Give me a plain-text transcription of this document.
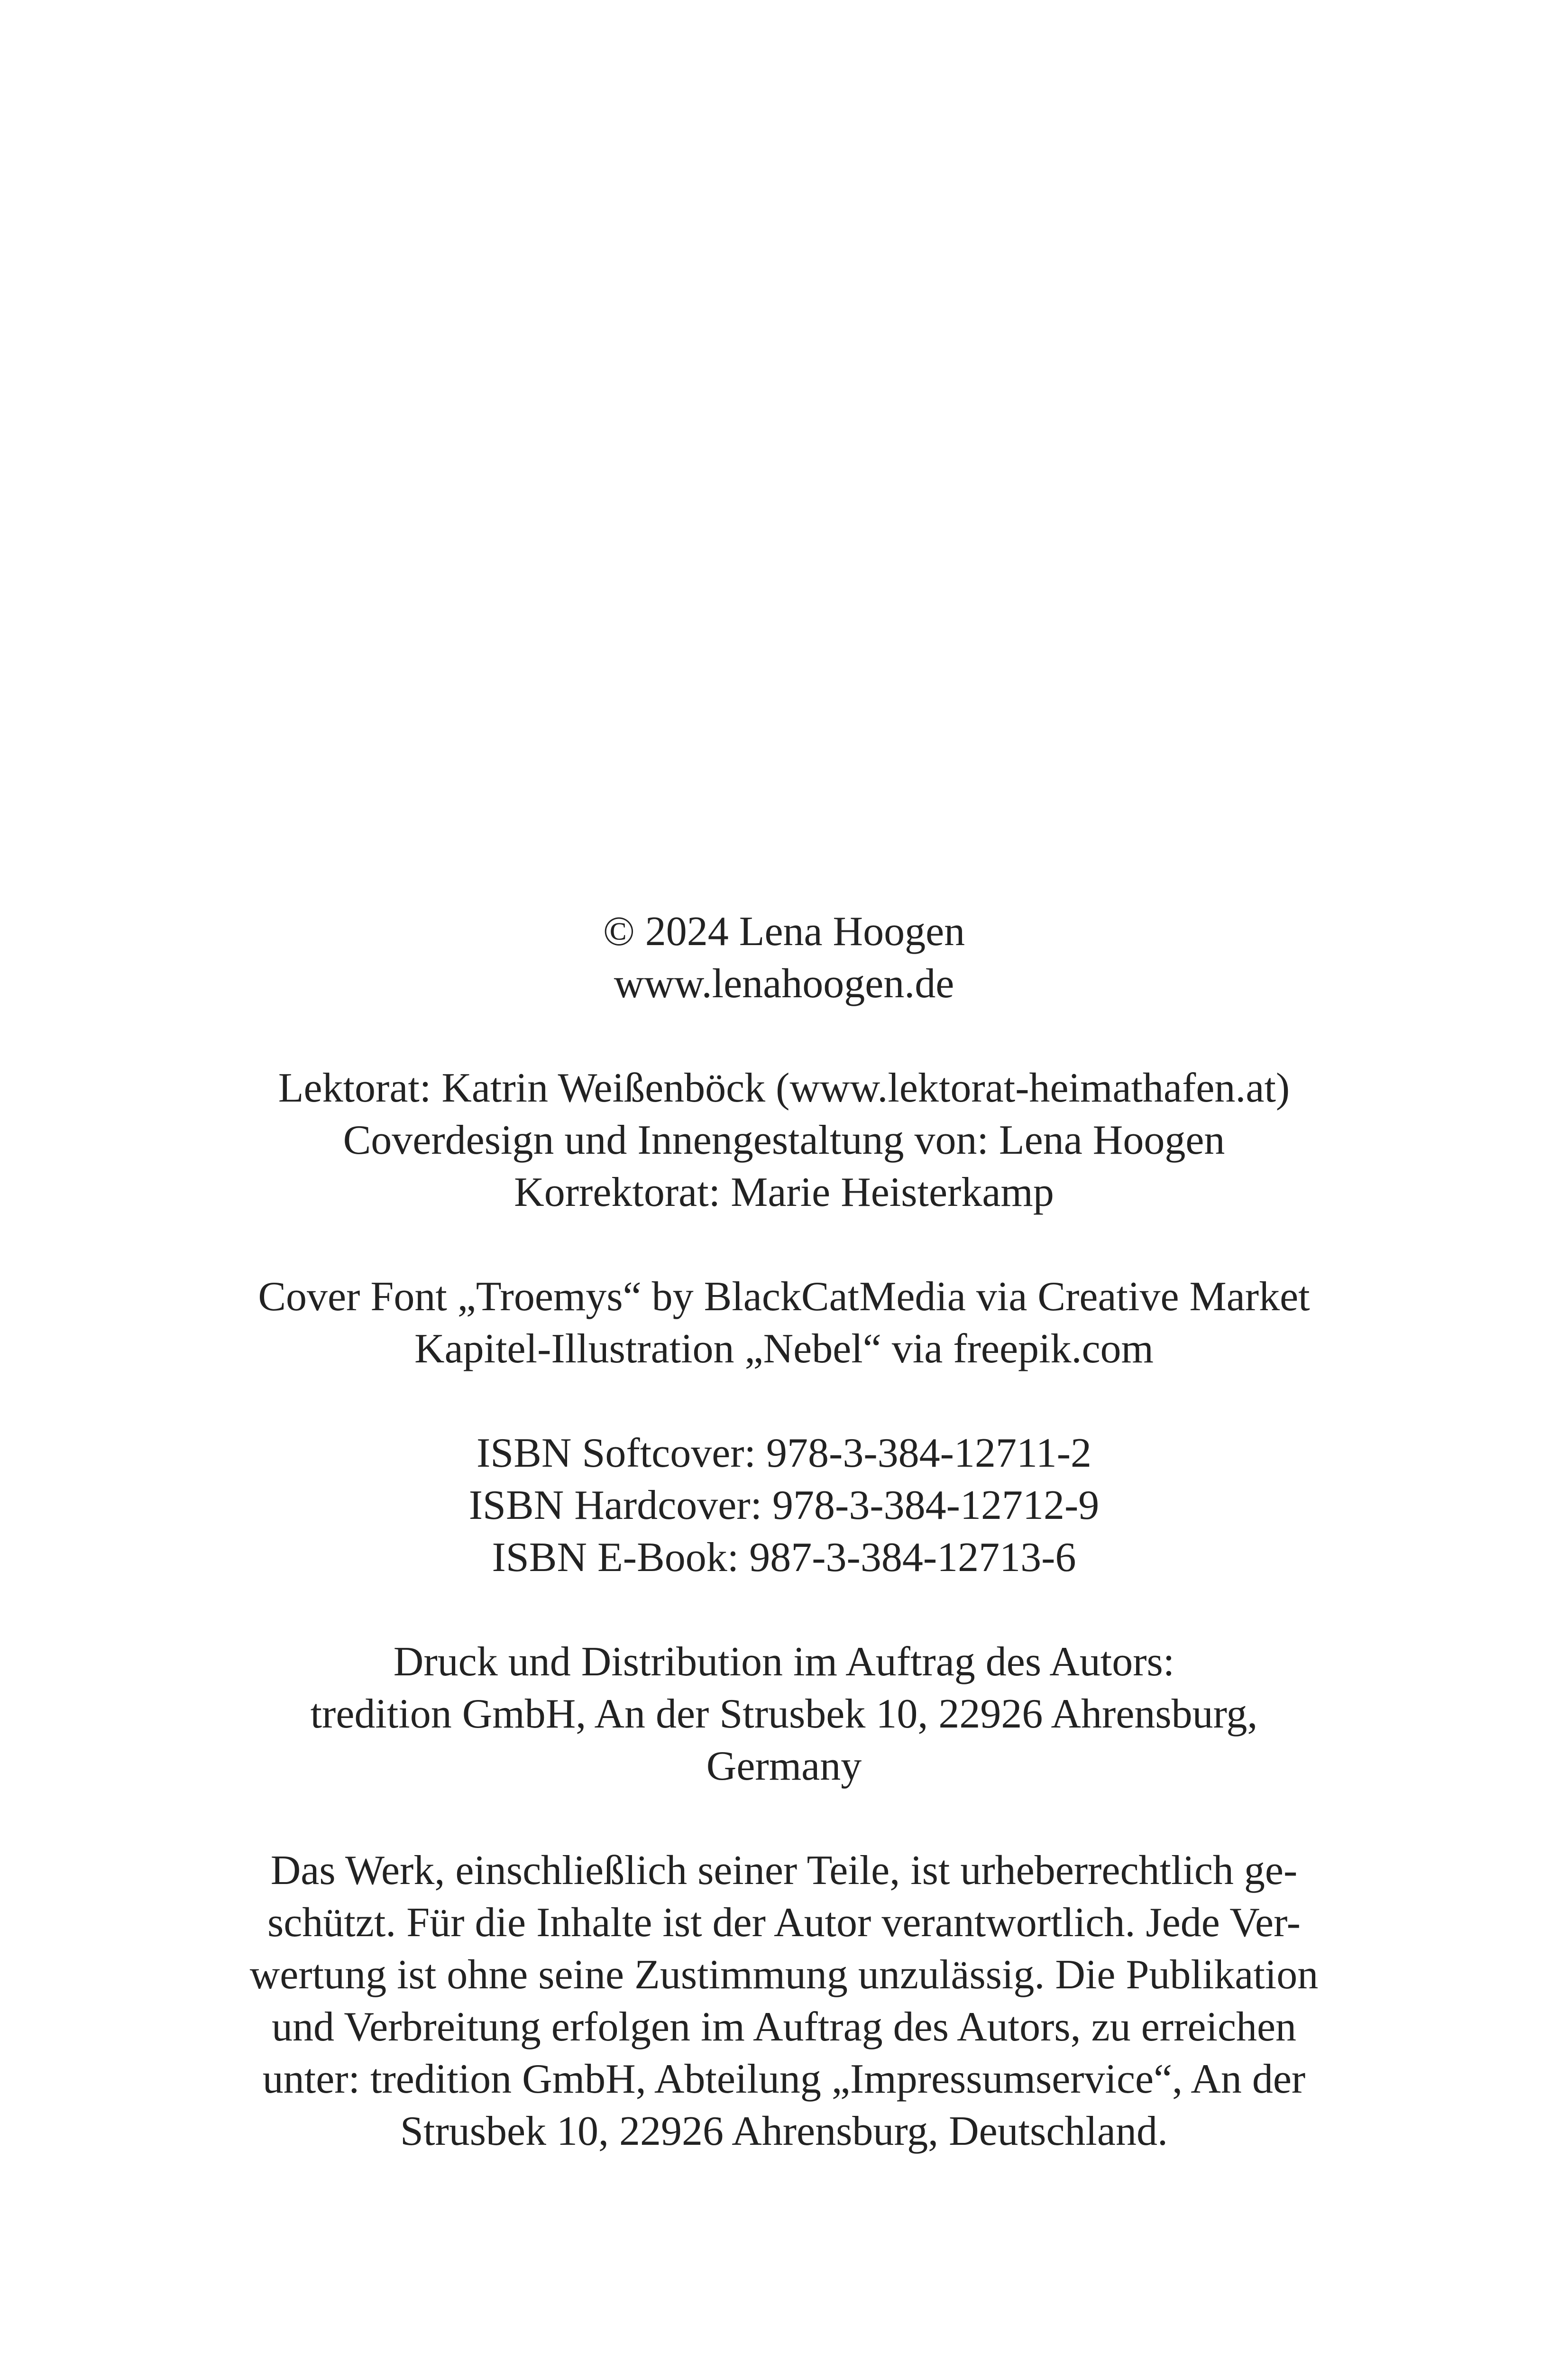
© 2024 Lena Hoogen
www.lenahoogen.de
Lektorat: Katrin Weißenböck (www.lektorat-heimathafen.at)
Coverdesign und Innengestaltung von: Lena Hoogen
Korrektorat: Marie Heisterkamp
Cover Font „Troemys“ by BlackCatMedia via Creative Market
Kapitel-Illustration „Nebel“ via freepik.com
ISBN Softcover: 978-3-384-12711-2
ISBN Hardcover: 978-3-384-12712-9
ISBN E-Book: 987-3-384-12713-6
Druck und Distribution im Auftrag des Autors:
tredition GmbH, An der Strusbek 10, 22926 Ahrensburg,
Germany
Das Werk, einschließlich seiner Teile, ist urheberrechtlich ge-
schützt. Für die Inhalte ist der Autor verantwortlich. Jede Ver-
wertung ist ohne seine Zustimmung unzulässig. Die Publikation
und Verbreitung erfolgen im Auftrag des Autors, zu erreichen
unter: tredition GmbH, Abteilung „Impressumservice“, An der
Strusbek 10, 22926 Ahrensburg, Deutschland.
